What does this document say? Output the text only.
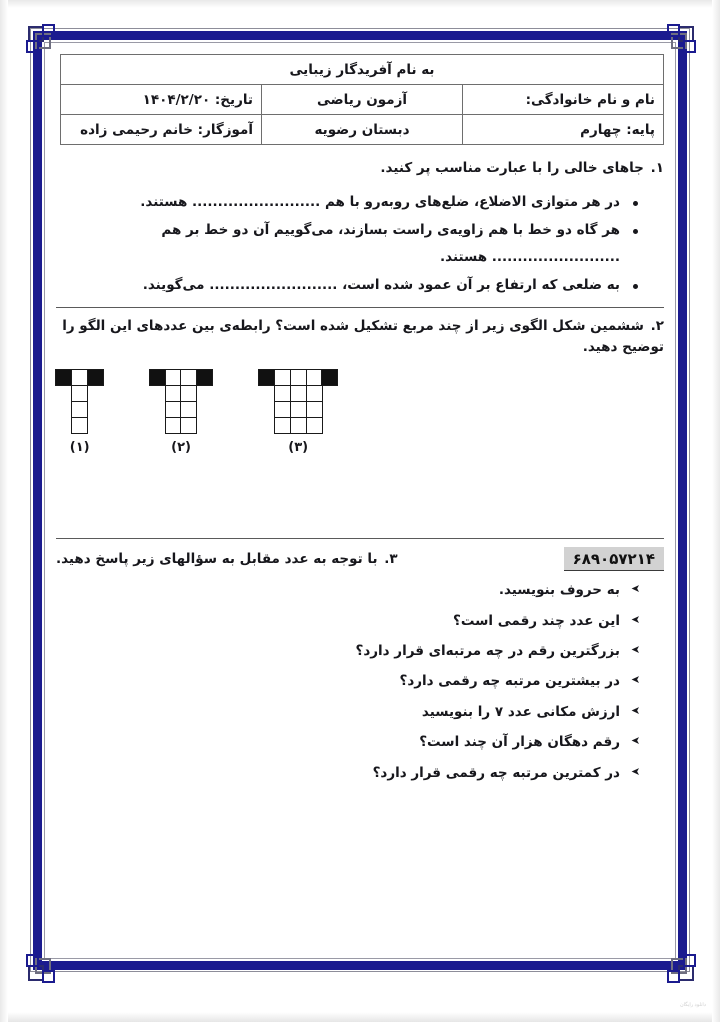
به نام آفریدگار زیبایی		
نام و نام خانوادگی:	آزمون ریاضی	تاریخ: ۱۴۰۴/۲/۲۰
پایه: چهارم	دبستان رضویه	آموزگار: خانم رحیمی زاده
۱. جاهای خالی را با عبارت مناسب پر کنید.
در هر متوازی الاضلاع، ضلع‌های روبه‌رو با هم ......................... هستند.
هر گاه دو خط با هم زاویه‌ی راست بسازند، می‌گوییم آن دو خط بر هم ......................... هستند.
به ضلعی که ارتفاع بر آن عمود شده است، ......................... می‌گویند.
۲. ششمین شکل الگوی زیر از چند مربع تشکیل شده است؟ رابطه‌ی بین عددهای این الگو را توضیح دهید.
(۱)	(۲)	(۳)
۳. با توجه به عدد مقابل به سؤالهای زیر پاسخ دهید.	۶۸۹۰۵۷۲۱۴
➤ به حروف بنویسید.
➤ این عدد چند رقمی است؟
➤ بزرگترین رقم در چه مرتبه‌ای قرار دارد؟
➤ در بیشترین مرتبه چه رقمی دارد؟
➤ ارزش مکانی عدد ۷ را بنویسید
➤ رقم دهگان هزار آن چند است؟
➤ در کمترین مرتبه چه رقمی قرار دارد؟
دانلود رایگان
